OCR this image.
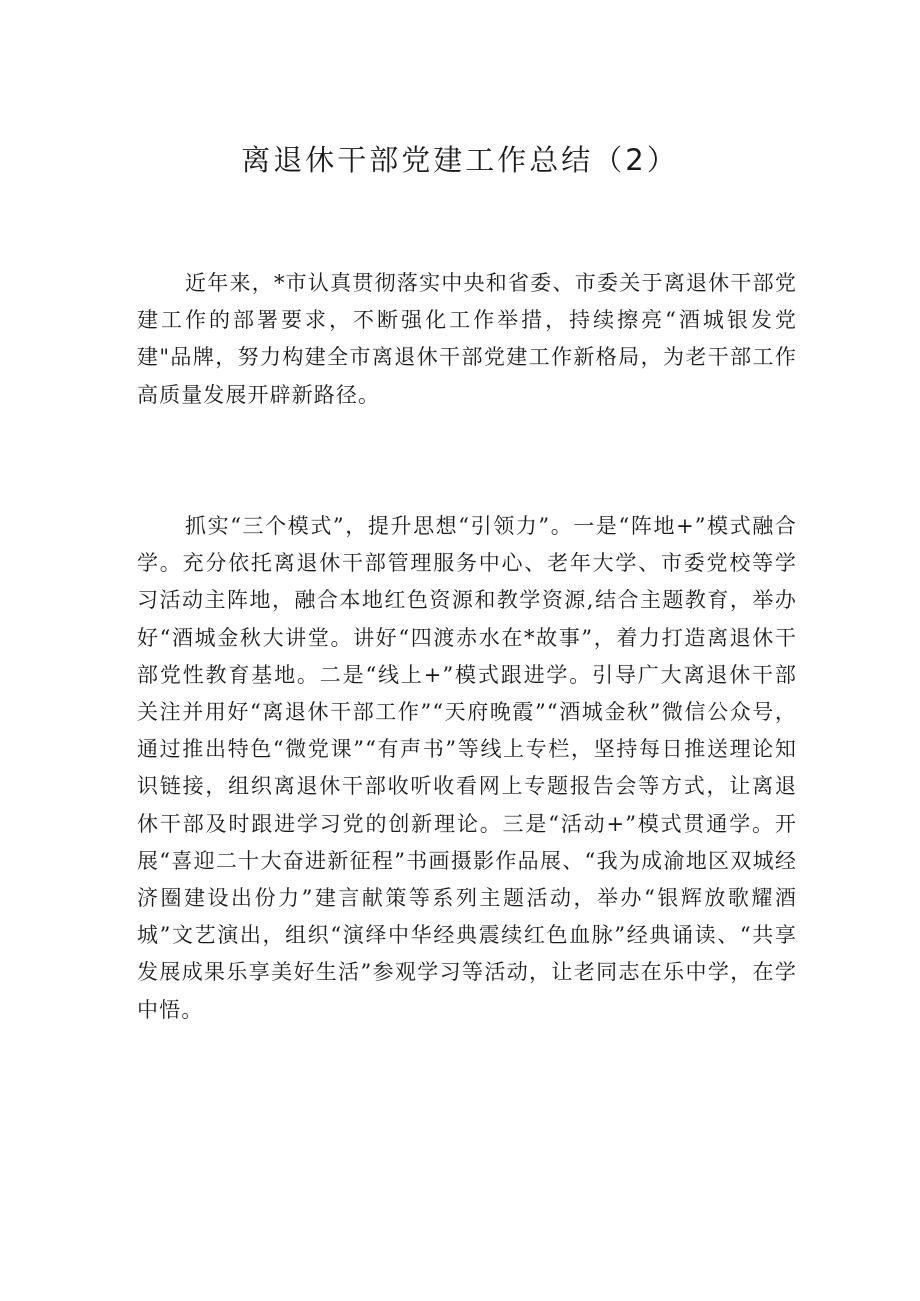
离退休干部党建工作总结（2）

近年来，*市认真贯彻落实中央和省委、市委关于离退休干部党建工作的部署要求，不断强化工作举措，持续擦亮“酒城银发党建"品牌，努力构建全市离退休干部党建工作新格局，为老干部工作高质量发展开辟新路径。

抓实“三个模式”，提升思想“引领力”。一是“阵地+”模式融合学。充分依托离退休干部管理服务中心、老年大学、市委党校等学习活动主阵地，融合本地红色资源和教学资源,结合主题教育，举办好“酒城金秋大讲堂。讲好“四渡赤水在*故事”，着力打造离退休干部党性教育基地。二是“线上+”模式跟进学。引导广大离退休干部关注并用好“离退休干部工作”“天府晚霞”“酒城金秋”微信公众号，通过推出特色“微党课”“有声书”等线上专栏，坚持每日推送理论知识链接，组织离退休干部收听收看网上专题报告会等方式，让离退休干部及时跟进学习党的创新理论。三是“活动+”模式贯通学。开展“喜迎二十大奋进新征程”书画摄影作品展、“我为成渝地区双城经济圈建设出份力”建言献策等系列主题活动，举办“银辉放歌耀酒城”文艺演出，组织“演绎中华经典震续红色血脉”经典诵读、“共享发展成果乐享美好生活”参观学习等活动，让老同志在乐中学，在学中悟。
